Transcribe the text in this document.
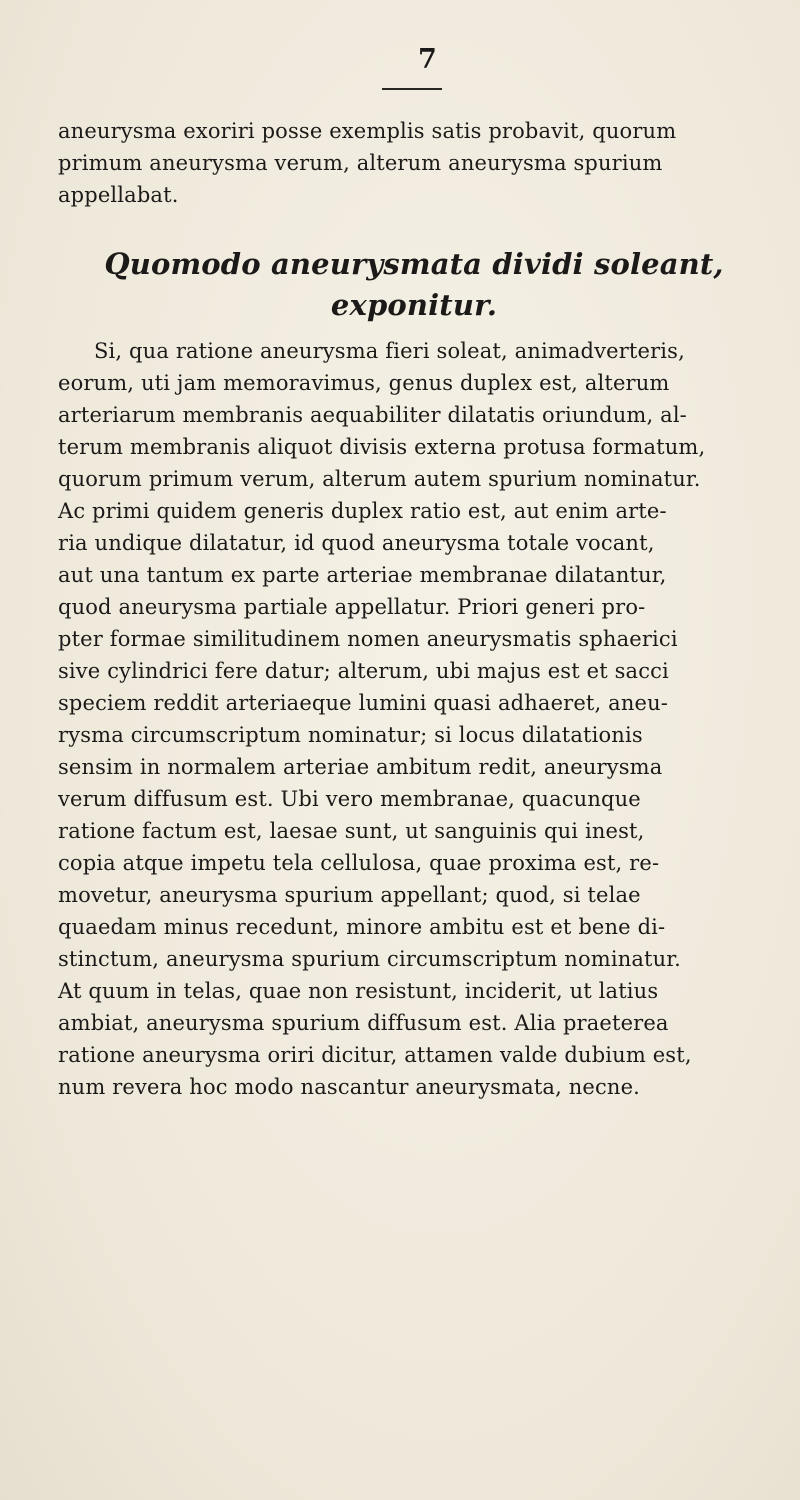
7
aneurysma exoriri posse exemplis satis probavit, quorum
primum aneurysma verum, alterum aneurysma spurium
appellabat.
Quomodo aneurysmata dividi soleant,
exponitur.
Si, qua ratione aneurysma fieri soleat, animadverteris,
eorum, uti jam memoravimus, genus duplex est, alterum
arteriarum membranis aequabiliter dilatatis oriundum, al-
terum membranis aliquot divisis externa protusa formatum,
quorum primum verum, alterum autem spurium nominatur.
Ac primi quidem generis duplex ratio est, aut enim arte-
ria undique dilatatur, id quod aneurysma totale vocant,
aut una tantum ex parte arteriae membranae dilatantur,
quod aneurysma partiale appellatur. Priori generi pro-
pter formae similitudinem nomen aneurysmatis sphaerici
sive cylindrici fere datur; alterum, ubi majus est et sacci
speciem reddit arteriaeque lumini quasi adhaeret, aneu-
rysma circumscriptum nominatur; si locus dilatationis
sensim in normalem arteriae ambitum redit, aneurysma
verum diffusum est. Ubi vero membranae, quacunque
ratione factum est, laesae sunt, ut sanguinis qui inest,
copia atque impetu tela cellulosa, quae proxima est, re-
movetur, aneurysma spurium appellant; quod, si telae
quaedam minus recedunt, minore ambitu est et bene di-
stinctum, aneurysma spurium circumscriptum nominatur.
At quum in telas, quae non resistunt, inciderit, ut latius
ambiat, aneurysma spurium diffusum est. Alia praeterea
ratione aneurysma oriri dicitur, attamen valde dubium est,
num revera hoc modo nascantur aneurysmata, necne.
